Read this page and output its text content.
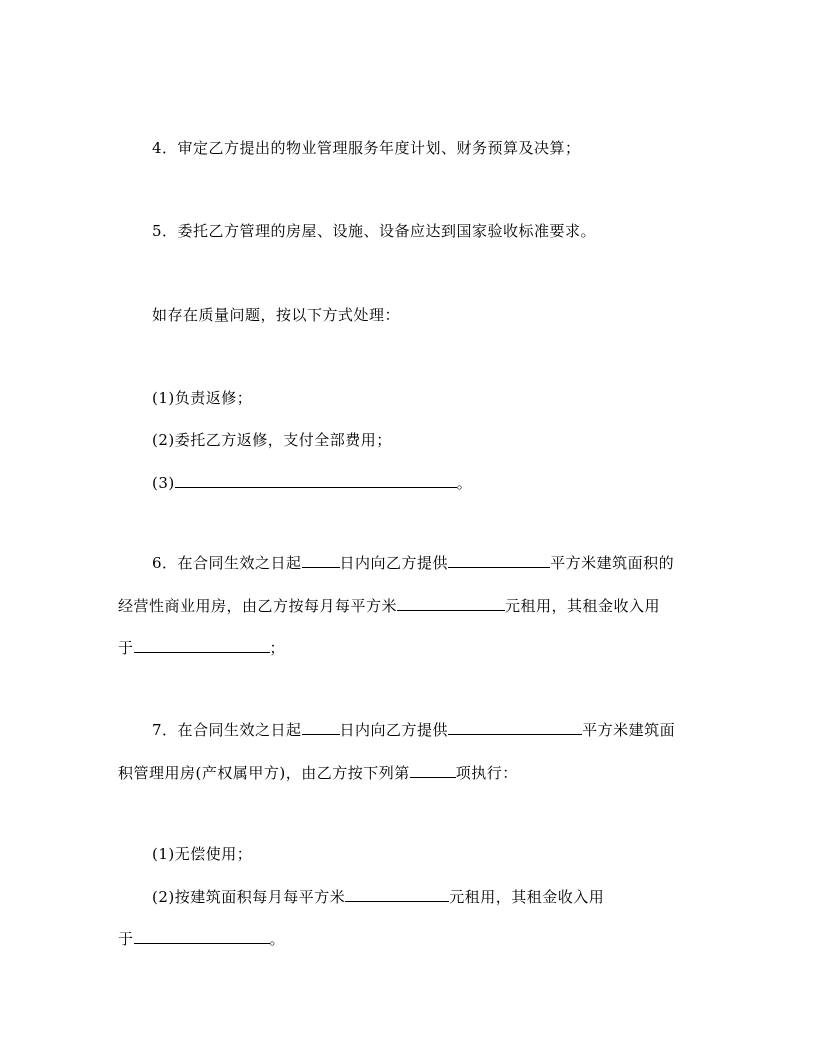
4．审定乙方提出的物业管理服务年度计划、财务预算及决算；
5．委托乙方管理的房屋、设施、设备应达到国家验收标准要求。
如存在质量问题，按以下方式处理：
(1)负责返修；
(2)委托乙方返修，支付全部费用；
(3)	。
6．在合同生效之日起	日内向乙方提供	平方米建筑面积的
经营性商业用房，由乙方按每月每平方米	元租用，其租金收入用
于	；
7．在合同生效之日起	日内向乙方提供	平方米建筑面
积管理用房(产权属甲方)，由乙方按下列第	项执行：
(1)无偿使用；
(2)按建筑面积每月每平方米	元租用，其租金收入用
于	。
